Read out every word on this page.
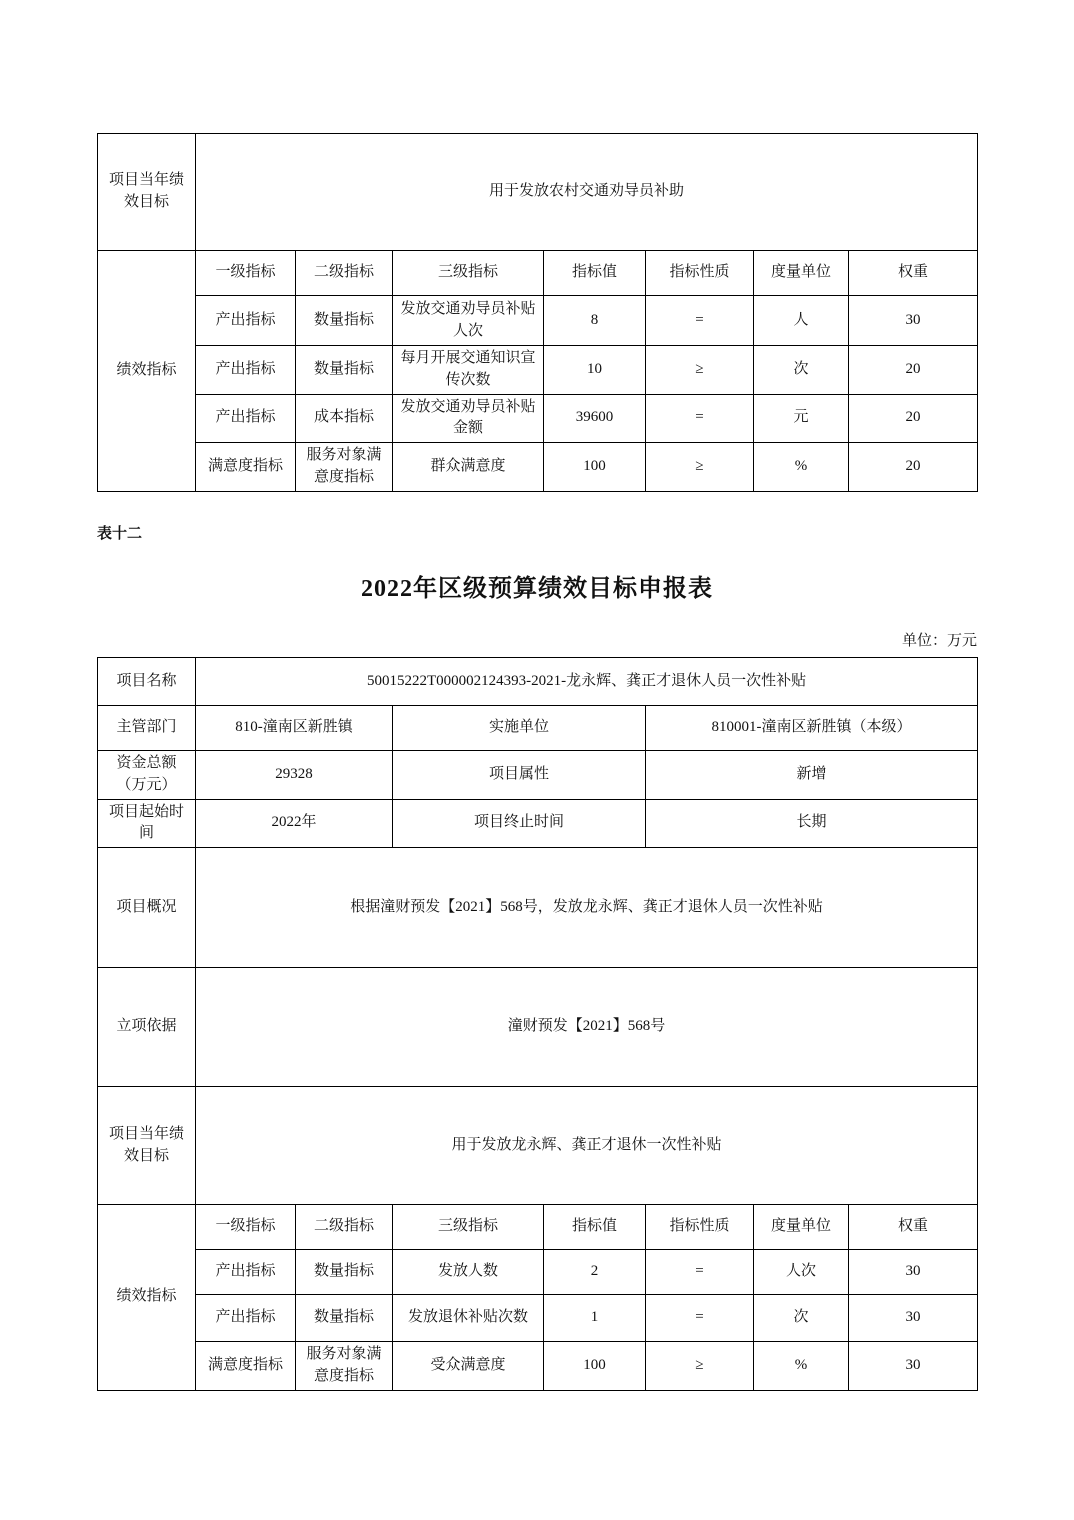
项目当年绩效目标	用于发放农村交通劝导员补助						
绩效指标	一级指标	二级指标	三级指标	指标值	指标性质	度量单位	权重
	产出指标	数量指标	发放交通劝导员补贴人次	8	=	人	30
	产出指标	数量指标	每月开展交通知识宣传次数	10	≥	次	20
	产出指标	成本指标	发放交通劝导员补贴金额	39600	=	元	20
	满意度指标	服务对象满意度指标	群众满意度	100	≥	%	20
表十二
2022年区级预算绩效目标申报表
单位：万元
项目名称	50015222T000002124393-2021-龙永辉、龚正才退休人员一次性补贴						
主管部门	810-潼南区新胜镇		实施单位		810001-潼南区新胜镇（本级）		
资金总额（万元）	29328		项目属性		新增		
项目起始时间	2022年		项目终止时间		长期		
项目概况	根据潼财预发【2021】568号，发放龙永辉、龚正才退休人员一次性补贴						
立项依据	潼财预发【2021】568号						
项目当年绩效目标	用于发放龙永辉、龚正才退休一次性补贴						
绩效指标	一级指标	二级指标	三级指标	指标值	指标性质	度量单位	权重
	产出指标	数量指标	发放人数	2	=	人次	30
	产出指标	数量指标	发放退休补贴次数	1	=	次	30
	满意度指标	服务对象满意度指标	受众满意度	100	≥	%	30
